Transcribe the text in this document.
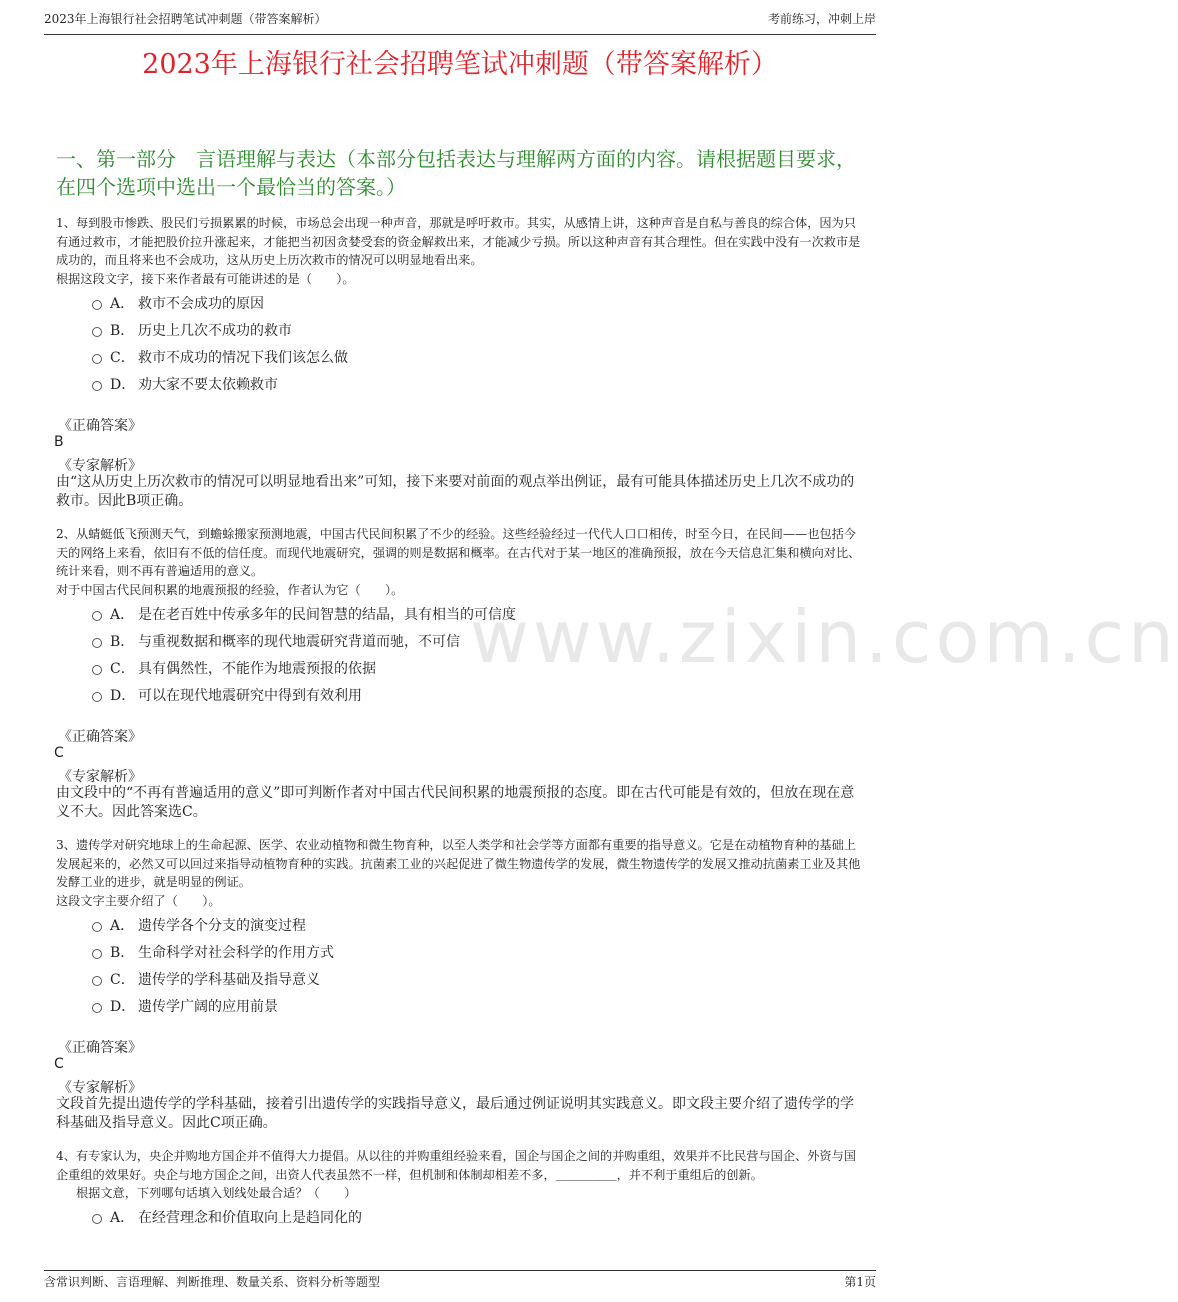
2023年上海银行社会招聘笔试冲刺题（带答案解析）	考前练习，冲刺上岸
www.zixin.com.cn
2023年上海银行社会招聘笔试冲刺题（带答案解析）
一、第一部分　言语理解与表达（本部分包括表达与理解两方面的内容。请根据题目要求，在四个选项中选出一个最恰当的答案。）

1、每到股市惨跌、股民们亏损累累的时候，市场总会出现一种声音，那就是呼吁救市。其实，从感情上讲，这种声音是自私与善良的综合体，因为只有通过救市，才能把股价拉升涨起来，才能把当初因贪婪受套的资金解救出来，才能减少亏损。所以这种声音有其合理性。但在实践中没有一次救市是成功的，而且将来也不会成功，这从历史上历次救市的情况可以明显地看出来。

根据这段文字，接下来作者最有可能讲述的是（　　）。

A． 救市不会成功的原因
B． 历史上几次不成功的救市
C． 救市不成功的情况下我们该怎么做
D． 劝大家不要太依赖救市
《正确答案》
B
《专家解析》
由“这从历史上历次救市的情况可以明显地看出来”可知，接下来要对前面的观点举出例证，最有可能具体描述历史上几次不成功的救市。因此B项正确。

2、从蜻蜓低飞预测天气，到蟾蜍搬家预测地震，中国古代民间积累了不少的经验。这些经验经过一代代人口口相传，时至今日，在民间——也包括今天的网络上来看，依旧有不低的信任度。而现代地震研究，强调的则是数据和概率。在古代对于某一地区的准确预报，放在今天信息汇集和横向对比、统计来看，则不再有普遍适用的意义。

对于中国古代民间积累的地震预报的经验，作者认为它（　　）。

A． 是在老百姓中传承多年的民间智慧的结晶，具有相当的可信度
B． 与重视数据和概率的现代地震研究背道而驰，不可信
C． 具有偶然性，不能作为地震预报的依据
D． 可以在现代地震研究中得到有效利用
《正确答案》
C
《专家解析》
由文段中的“不再有普遍适用的意义”即可判断作者对中国古代民间积累的地震预报的态度。即在古代可能是有效的，但放在现在意义不大。因此答案选C。

3、遗传学对研究地球上的生命起源、医学、农业动植物和微生物育种，以至人类学和社会学等方面都有重要的指导意义。它是在动植物育种的基础上发展起来的，必然又可以回过来指导动植物育种的实践。抗菌素工业的兴起促进了微生物遗传学的发展，微生物遗传学的发展又推动抗菌素工业及其他发酵工业的进步，就是明显的例证。

这段文字主要介绍了（　　）。

A． 遗传学各个分支的演变过程
B． 生命科学对社会科学的作用方式
C． 遗传学的学科基础及指导意义
D． 遗传学广阔的应用前景
《正确答案》
C
《专家解析》
文段首先提出遗传学的学科基础，接着引出遗传学的实践指导意义，最后通过例证说明其实践意义。即文段主要介绍了遗传学的学科基础及指导意义。因此C项正确。

4、有专家认为，央企并购地方国企并不值得大力提倡。从以往的并购重组经验来看，国企与国企之间的并购重组，效果并不比民营与国企、外资与国企重组的效果好。央企与地方国企之间，出资人代表虽然不一样，但机制和体制却相差不多，＿＿＿＿＿，并不利于重组后的创新。

根据文意，下列哪句话填入划线处最合适？（　　）

A． 在经营理念和价值取向上是趋同化的
含常识判断、言语理解、判断推理、数量关系、资料分析等题型	第1页
